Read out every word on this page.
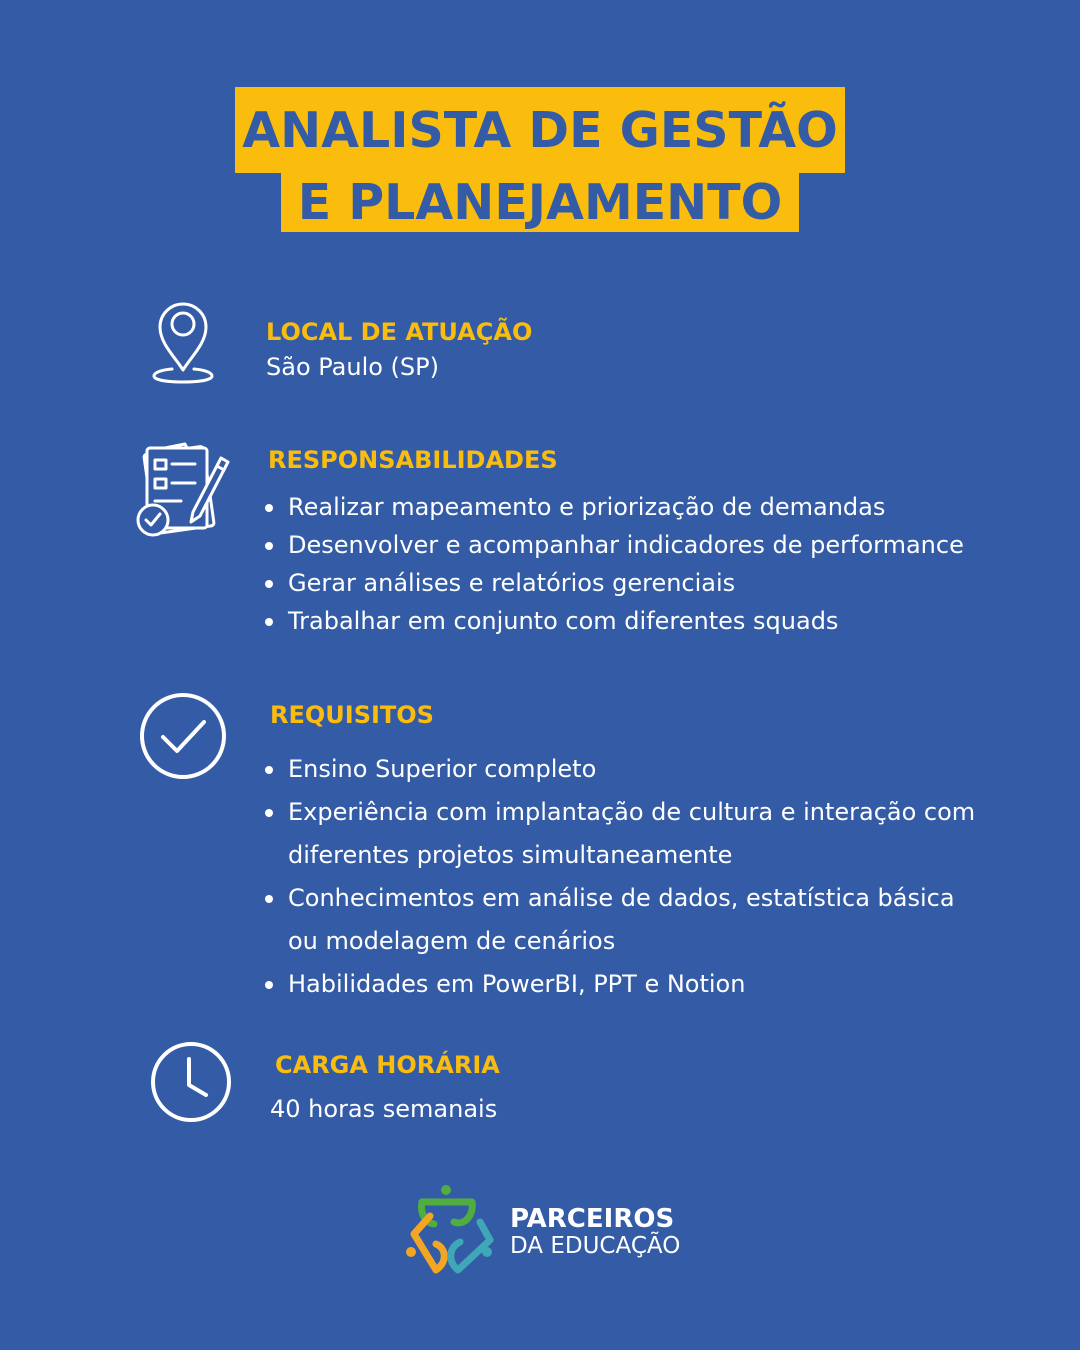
ANALISTA DE GESTÃO
E PLANEJAMENTO
LOCAL DE ATUAÇÃO
São Paulo (SP)
RESPONSABILIDADES
Realizar mapeamento e priorização de demandas
Desenvolver e acompanhar indicadores de performance
Gerar análises e relatórios gerenciais
Trabalhar em conjunto com diferentes squads
REQUISITOS
Ensino Superior completo
Experiência com implantação de cultura e interação com
diferentes projetos simultaneamente
Conhecimentos em análise de dados, estatística básica
ou modelagem de cenários
Habilidades em PowerBI, PPT e Notion
CARGA HORÁRIA
40 horas semanais
PARCEIROS
DA EDUCAÇÃO
